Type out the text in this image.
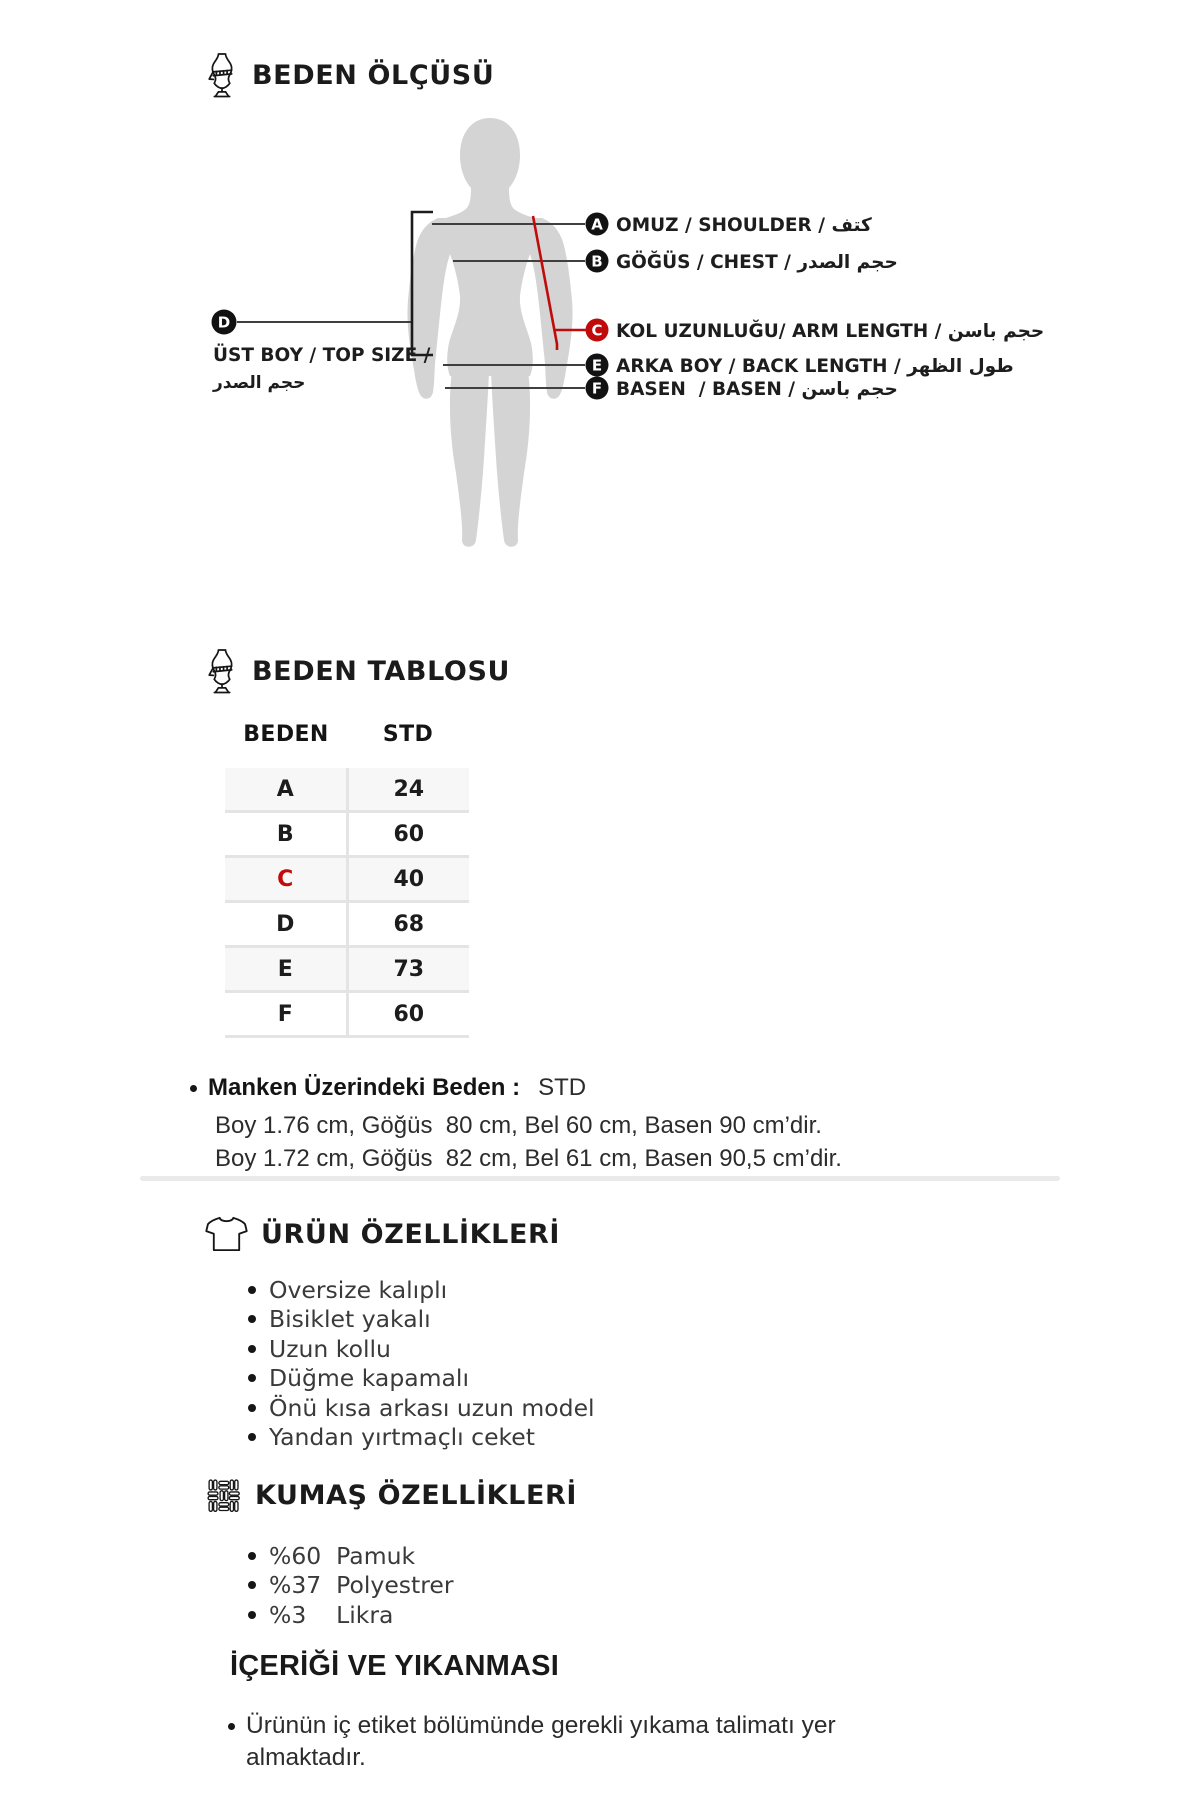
BEDEN ÖLÇÜSÜ
A
B
C
E
F
D
OMUZ / SHOULDER / كتف
GÖĞÜS / CHEST / حجم الصدر
KOL UZUNLUĞU/ ARM LENGTH / حجم باسن
ARKA BOY / BACK LENGTH / طول الظهر
BASEN  / BASEN / حجم باسن
ÜST BOY / TOP SIZE /
حجم الصدر
BEDEN TABLOSU
BEDEN	STD
A	24
B	60
C	40
D	68
E	73
F	60
Manken Üzerindeki Beden : STD
Boy 1.76 cm, Göğüs  80 cm, Bel 60 cm, Basen 90 cm’dir.
Boy 1.72 cm, Göğüs  82 cm, Bel 61 cm, Basen 90,5 cm’dir.
ÜRÜN ÖZELLİKLERİ
Oversize kalıplı
Bisiklet yakalı
Uzun kollu
Düğme kapamalı
Önü kısa arkası uzun model
Yandan yırtmaçlı ceket
KUMAŞ ÖZELLİKLERİ
%60  Pamuk
%37  Polyestrer
%3    Likra
İÇERİĞİ VE YIKANMASI
Ürünün iç etiket bölümünde gerekli yıkama talimatı yer almaktadır.
